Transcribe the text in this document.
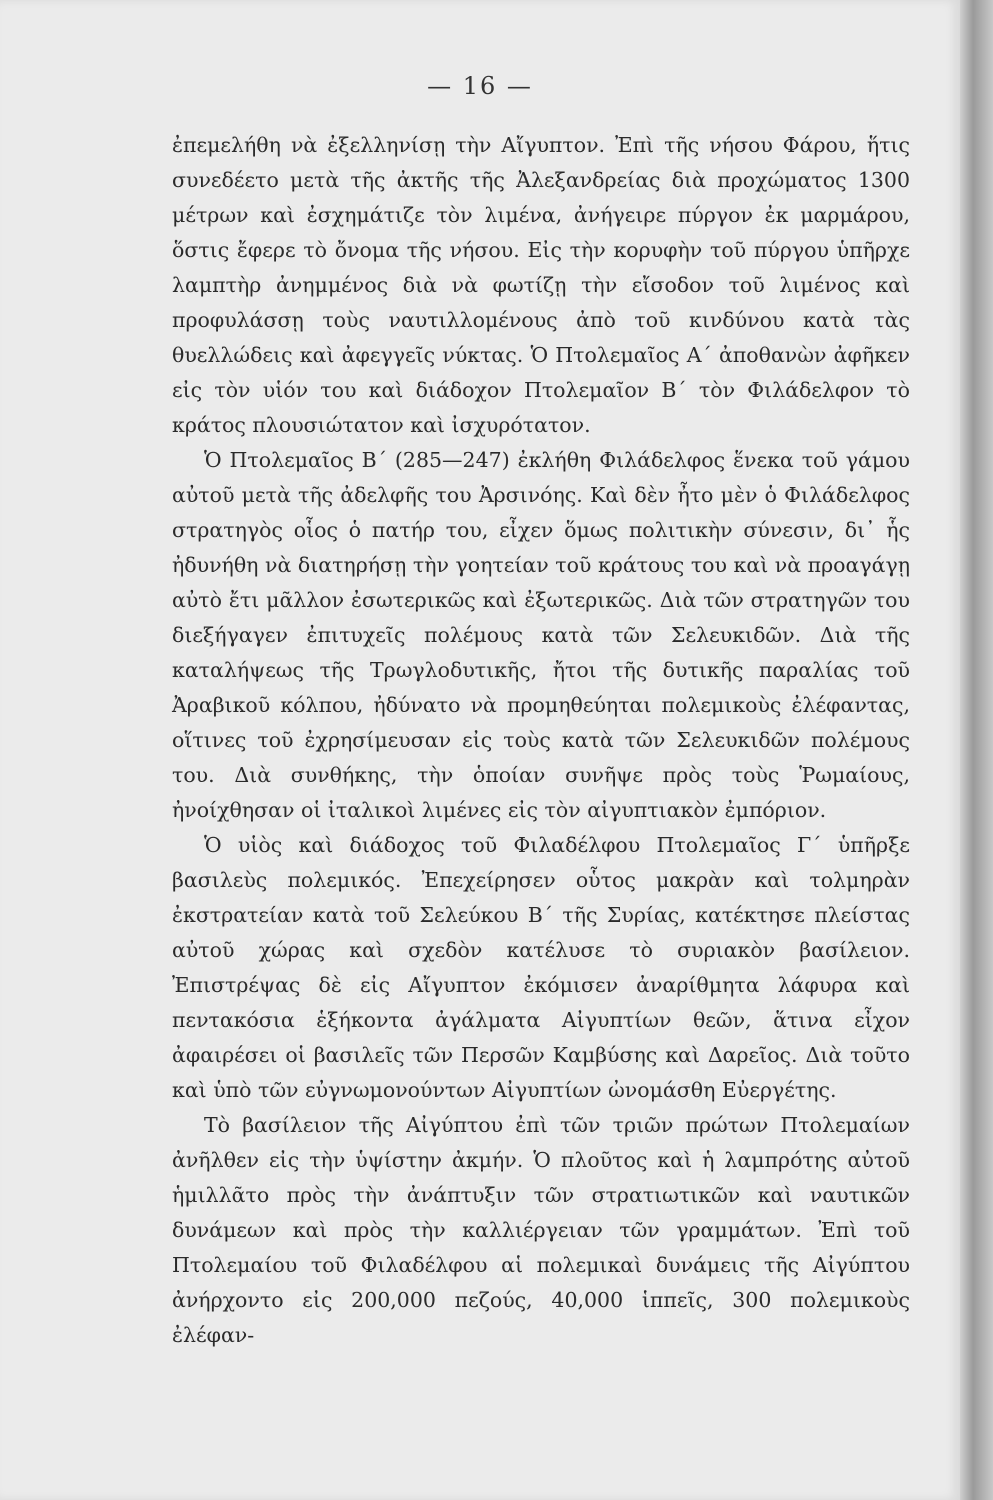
— 16 —

ἐπεμελήθη νὰ ἐξελληνίσῃ τὴν Αἴγυπτον. Ἐπὶ τῆς νήσου Φάρου, ἥτις συνεδέετο μετὰ τῆς ἀκτῆς τῆς Ἀλεξανδρείας διὰ προχώματος 1300 μέτρων καὶ ἐσχημάτιζε τὸν λιμένα, ἀνήγειρε πύργον ἐκ μαρμάρου, ὅστις ἔφερε τὸ ὄνομα τῆς νήσου. Εἰς τὴν κορυφὴν τοῦ πύργου ὑπῆρχε λαμπτὴρ ἀνημμένος διὰ νὰ φωτίζῃ τὴν εἴσοδον τοῦ λιμένος καὶ προφυλάσσῃ τοὺς ναυτιλλομένους ἀπὸ τοῦ κινδύνου κατὰ τὰς θυελλώδεις καὶ ἀφεγγεῖς νύκτας. Ὁ Πτολεμαῖος Α΄ ἀποθανὼν ἀφῆκεν εἰς τὸν υἱόν του καὶ διάδοχον Πτολεμαῖον Β΄ τὸν Φιλάδελφον τὸ κράτος πλουσιώτατον καὶ ἰσχυρότατον.

Ὁ Πτολεμαῖος Β΄ (285—247) ἐκλήθη Φιλάδελφος ἕνεκα τοῦ γάμου αὐτοῦ μετὰ τῆς ἀδελφῆς του Ἀρσινόης. Καὶ δὲν ἦτο μὲν ὁ Φιλάδελφος στρατηγὸς οἷος ὁ πατήρ του, εἶχεν ὅμως πολιτικὴν σύνεσιν, δι᾽ ἧς ἠδυνήθη νὰ διατηρήσῃ τὴν γοητείαν τοῦ κράτους του καὶ νὰ προαγάγῃ αὐτὸ ἔτι μᾶλλον ἐσωτερικῶς καὶ ἐξωτερικῶς. Διὰ τῶν στρατηγῶν του διεξήγαγεν ἐπιτυχεῖς πολέμους κατὰ τῶν Σελευκιδῶν. Διὰ τῆς καταλήψεως τῆς Τρωγλοδυτικῆς, ἤτοι τῆς δυτικῆς παραλίας τοῦ Ἀραβικοῦ κόλπου, ἠδύνατο νὰ προμηθεύηται πολεμικοὺς ἐλέφαντας, οἵτινες τοῦ ἐχρησίμευσαν εἰς τοὺς κατὰ τῶν Σελευκιδῶν πολέμους του. Διὰ συνθήκης, τὴν ὁποίαν συνῆψε πρὸς τοὺς Ῥωμαίους, ἠνοίχθησαν οἱ ἰταλικοὶ λιμένες εἰς τὸν αἰγυπτιακὸν ἐμπόριον.

Ὁ υἱὸς καὶ διάδοχος τοῦ Φιλαδέλφου Πτολεμαῖος Γ΄ ὑπῆρξε βασιλεὺς πολεμικός. Ἐπεχείρησεν οὗτος μακρὰν καὶ τολμηρὰν ἐκστρατείαν κατὰ τοῦ Σελεύκου Β΄ τῆς Συρίας, κατέκτησε πλείστας αὐτοῦ χώρας καὶ σχεδὸν κατέλυσε τὸ συριακὸν βασίλειον. Ἐπιστρέψας δὲ εἰς Αἴγυπτον ἐκόμισεν ἀναρίθμητα λάφυρα καὶ πεντακόσια ἑξήκοντα ἀγάλματα Αἰγυπτίων θεῶν, ἅτινα εἶχον ἀφαιρέσει οἱ βασιλεῖς τῶν Περσῶν Καμβύσης καὶ Δαρεῖος. Διὰ τοῦτο καὶ ὑπὸ τῶν εὐγνωμονούντων Αἰγυπτίων ὠνομάσθη Εὐεργέτης.

Τὸ βασίλειον τῆς Αἰγύπτου ἐπὶ τῶν τριῶν πρώτων Πτολεμαίων ἀνῆλθεν εἰς τὴν ὑψίστην ἀκμήν. Ὁ πλοῦτος καὶ ἡ λαμπρότης αὐτοῦ ἡμιλλᾶτο πρὸς τὴν ἀνάπτυξιν τῶν στρατιωτικῶν καὶ ναυτικῶν δυνάμεων καὶ πρὸς τὴν καλλιέργειαν τῶν γραμμάτων. Ἐπὶ τοῦ Πτολεμαίου τοῦ Φιλαδέλφου αἱ πολεμικαὶ δυνάμεις τῆς Αἰγύπτου ἀνήρχοντο εἰς 200,000 πεζούς, 40,000 ἱππεῖς, 300 πολεμικοὺς ἐλέφαν-
